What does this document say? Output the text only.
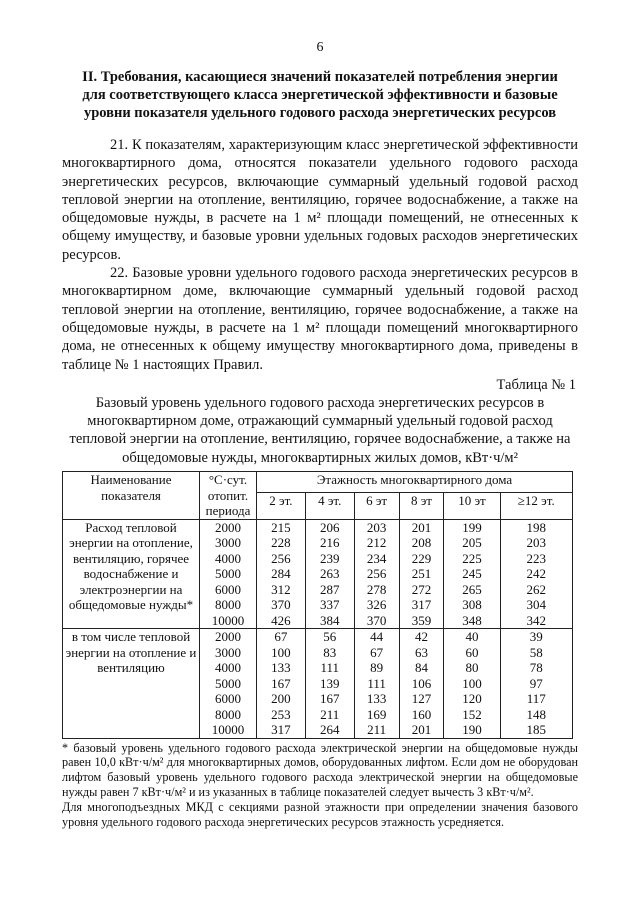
6
II. Требования, касающиеся значений показателей потребления энергии для соответствующего класса энергетической эффективности и базовые уровни показателя удельного годового расхода энергетических ресурсов

21. К показателям, характеризующим класс энергетической эффективности многоквартирного дома, относятся показатели удельного годового расхода энергетических ресурсов, включающие суммарный удельный годовой расход тепловой энергии на отопление, вентиляцию, горячее водоснабжение, а также на общедомовые нужды, в расчете на 1 м² площади помещений, не отнесенных к общему имуществу, и базовые уровни удельных годовых расходов энергетических ресурсов.

22. Базовые уровни удельного годового расхода энергетических ресурсов в многоквартирном доме, включающие суммарный удельный годовой расход тепловой энергии на отопление, вентиляцию, горячее водоснабжение, а также на общедомовые нужды, в расчете на 1 м² площади помещений многоквартирного дома, не отнесенных к общему имуществу многоквартирного дома, приведены в таблице № 1 настоящих Правил.

Таблица № 1
Базовый уровень удельного годового расхода энергетических ресурсов в многоквартирном доме, отражающий суммарный удельный годовой расход тепловой энергии на отопление, вентиляцию, горячее водоснабжение, а также на общедомовые нужды, многоквартирных жилых домов, кВт·ч/м²
Наименование показателя	°С·сут. отопит. периода	Этажность многоквартирного дома					
		2 эт.	4 эт.	6 эт	8 эт	10 эт	≥12 эт.
Расход тепловой энергии на отопление, вентиляцию, горячее водоснабжение и электроэнергии на общедомовые нужды*	2000	215	206	203	201	199	198
	3000	228	216	212	208	205	203
	4000	256	239	234	229	225	223
	5000	284	263	256	251	245	242
	6000	312	287	278	272	265	262
	8000	370	337	326	317	308	304
	10000	426	384	370	359	348	342
в том числе тепловой энергии на отопление и вентиляцию	2000	67	56	44	42	40	39
	3000	100	83	67	63	60	58
	4000	133	111	89	84	80	78
	5000	167	139	111	106	100	97
	6000	200	167	133	127	120	117
	8000	253	211	169	160	152	148
	10000	317	264	211	201	190	185

* базовый уровень удельного годового расхода электрической энергии на общедомовые нужды равен 10,0 кВт·ч/м² для многоквартирных домов, оборудованных лифтом. Если дом не оборудован лифтом базовый уровень удельного годового расхода электрической энергии на общедомовые нужды равен 7 кВт·ч/м² и из указанных в таблице показателей следует вычесть 3 кВт·ч/м².

Для многоподъездных МКД с секциями разной этажности при определении значения базового уровня удельного годового расхода энергетических ресурсов этажность усредняется.
